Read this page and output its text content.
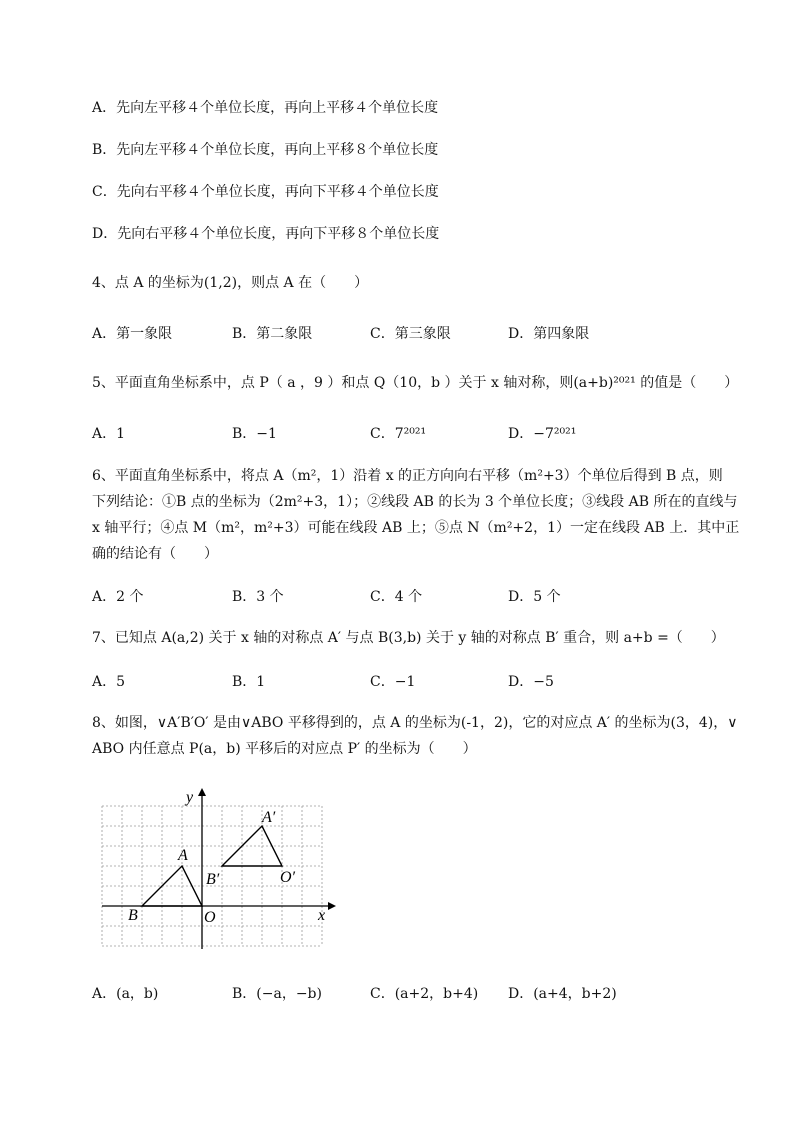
A．先向左平移４个单位长度，再向上平移４个单位长度
B．先向左平移４个单位长度，再向上平移８个单位长度
C．先向右平移４个单位长度，再向下平移４个单位长度
D．先向右平移４个单位长度，再向下平移８个单位长度
4、点 A 的坐标为(1,2)，则点 A 在（　　）
A．第一象限	B．第二象限	C．第三象限	D．第四象限
5、平面直角坐标系中，点 P（ a ，9 ）和点 Q（10，b ）关于 x 轴对称，则(a+b)²⁰²¹ 的值是（　　）
A．1	B．−1	C．7²⁰²¹	D．−7²⁰²¹
6、平面直角坐标系中，将点 A（m²，1）沿着 x 的正方向向右平移（m²+3）个单位后得到 B 点，则
下列结论：①B 点的坐标为（2m²+3，1）；②线段 AB 的长为 3 个单位长度；③线段 AB 所在的直线与
x 轴平行；④点 M（m²，m²+3）可能在线段 AB 上；⑤点 N（m²+2，1）一定在线段 AB 上．其中正
确的结论有（　　）
A．2 个	B．3 个	C．4 个	D．5 个
7、已知点 A(a,2) 关于 x 轴的对称点 A′ 与点 B(3,b) 关于 y 轴的对称点 B′ 重合，则 a+b =（　　）
A．5	B．1	C．−1	D．−5
8、如图，∨A′B′O′ 是由∨ABO 平移得到的，点 A 的坐标为(-1，2)，它的对应点 A′ 的坐标为(3，4)，∨
ABO 内任意点 P(a，b) 平移后的对应点 P′ 的坐标为（　　）
x
y
A
B	O
A′
B′	O′
A．(a，b)	B．(−a，−b)	C．(a+2，b+4) D．(a+4，b+2)
